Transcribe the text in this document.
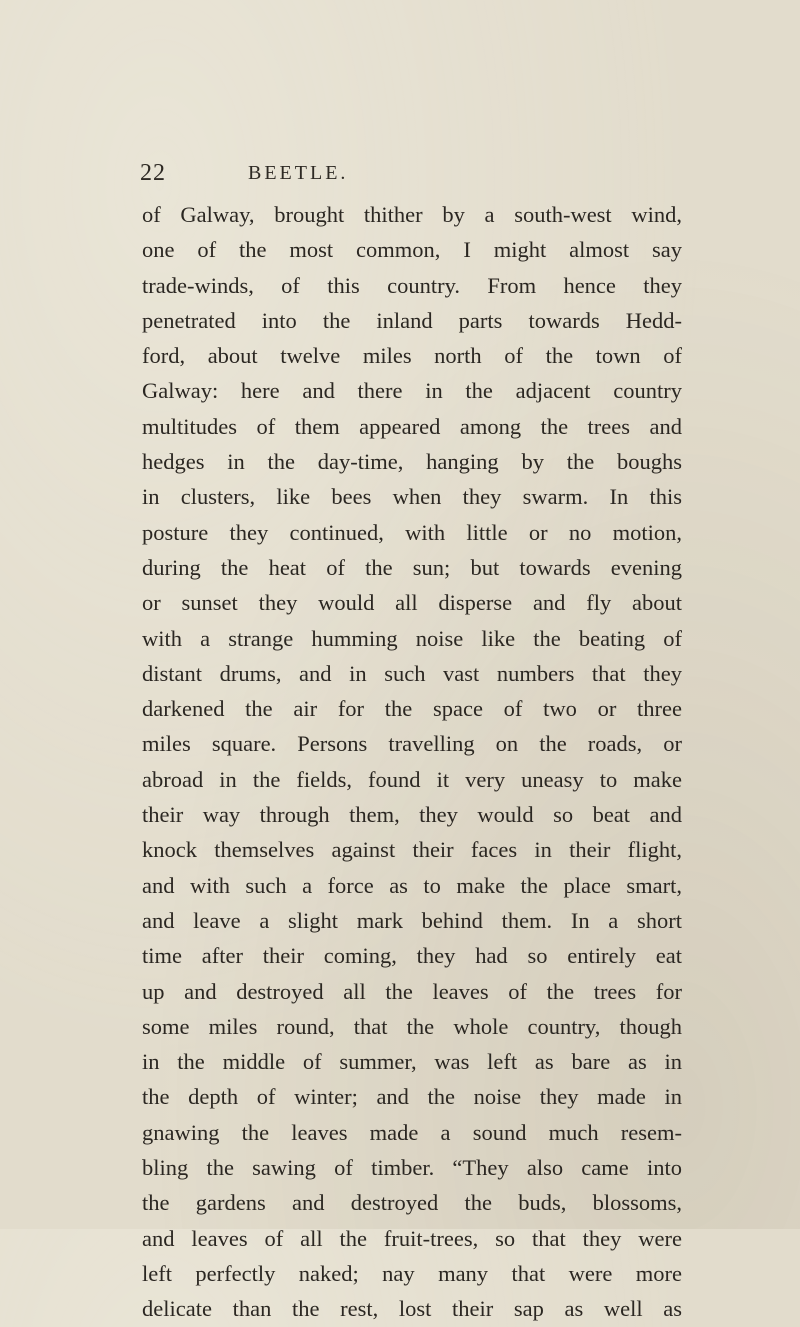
22	BEETLE.
of Galway, brought thither by a south-west wind,
one of the most common, I might almost say
trade-winds, of this country. From hence they
penetrated into the inland parts towards Hedd-
ford, about twelve miles north of the town of
Galway: here and there in the adjacent country
multitudes of them appeared among the trees and
hedges in the day-time, hanging by the boughs
in clusters, like bees when they swarm. In this
posture they continued, with little or no motion,
during the heat of the sun; but towards evening
or sunset they would all disperse and fly about
with a strange humming noise like the beating of
distant drums, and in such vast numbers that they
darkened the air for the space of two or three
miles square. Persons travelling on the roads, or
abroad in the fields, found it very uneasy to make
their way through them, they would so beat and
knock themselves against their faces in their flight,
and with such a force as to make the place smart,
and leave a slight mark behind them. In a short
time after their coming, they had so entirely eat
up and destroyed all the leaves of the trees for
some miles round, that the whole country, though
in the middle of summer, was left as bare as in
the depth of winter; and the noise they made in
gnawing the leaves made a sound much resem-
bling the sawing of timber. “They also came into
the gardens and destroyed the buds, blossoms,
and leaves of all the fruit-trees, so that they were
left perfectly naked; nay many that were more
delicate than the rest, lost their sap as well as
